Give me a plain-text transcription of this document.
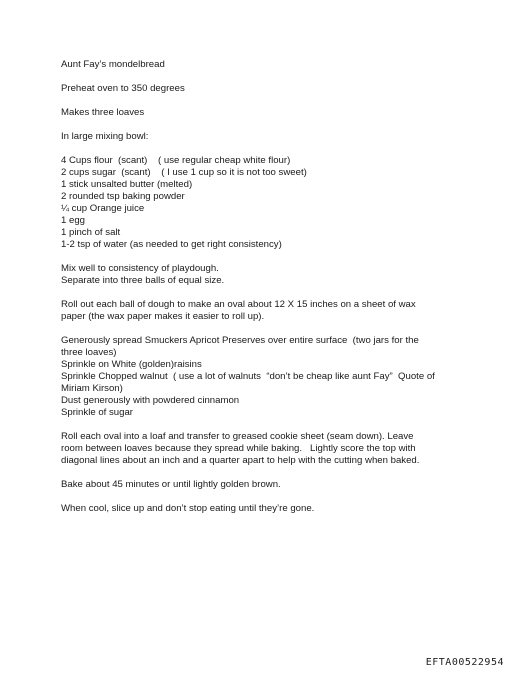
Aunt Fay’s mondelbread
Preheat oven to 350 degrees
Makes three loaves
In large mixing bowl:
4 Cups flour  (scant)    ( use regular cheap white flour)
2 cups sugar  (scant)    ( I use 1 cup so it is not too sweet)
1 stick unsalted butter (melted)
2 rounded tsp baking powder
¼ cup Orange juice
1 egg
1 pinch of salt
1-2 tsp of water (as needed to get right consistency)
Mix well to consistency of playdough.
Separate into three balls of equal size.
Roll out each ball of dough to make an oval about 12 X 15 inches on a sheet of wax
paper (the wax paper makes it easier to roll up).
Generously spread Smuckers Apricot Preserves over entire surface  (two jars for the
three loaves)
Sprinkle on White (golden)raisins
Sprinkle Chopped walnut  ( use a lot of walnuts  “don’t be cheap like aunt Fay”  Quote of
Miriam Kirson)
Dust generously with powdered cinnamon
Sprinkle of sugar
Roll each oval into a loaf and transfer to greased cookie sheet (seam down). Leave
room between loaves because they spread while baking.   Lightly score the top with
diagonal lines about an inch and a quarter apart to help with the cutting when baked.
Bake about 45 minutes or until lightly golden brown.
When cool, slice up and don’t stop eating until they’re gone.
EFTA00522954
